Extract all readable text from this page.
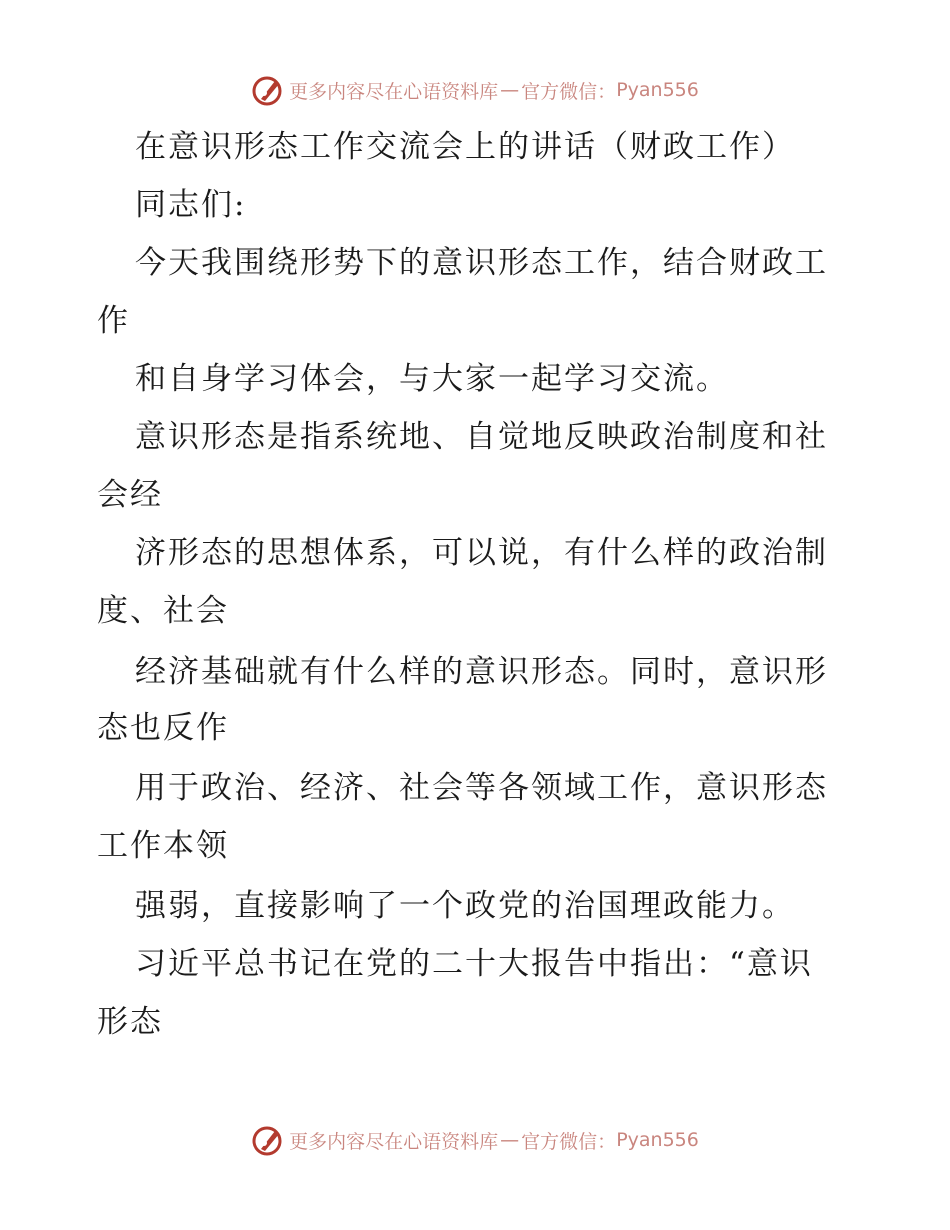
更多内容尽在心语资料库 — 官方微信： Pyan556
在意识形态工作交流会上的讲话（财政工作）
同志们:
今天我围绕形势下的意识形态工作，结合财政工
作
和自身学习体会，与大家一起学习交流。
意识形态是指系统地、自觉地反映政治制度和社
会经
济形态的思想体系，可以说，有什么样的政治制
度、社会
经济基础就有什么样的意识形态。同时，意识形
态也反作
用于政治、经济、社会等各领域工作，意识形态
工作本领
强弱，直接影响了一个政党的治国理政能力。
习近平总书记在党的二十大报告中指出：“意识
形态
更多内容尽在心语资料库 — 官方微信： Pyan556
